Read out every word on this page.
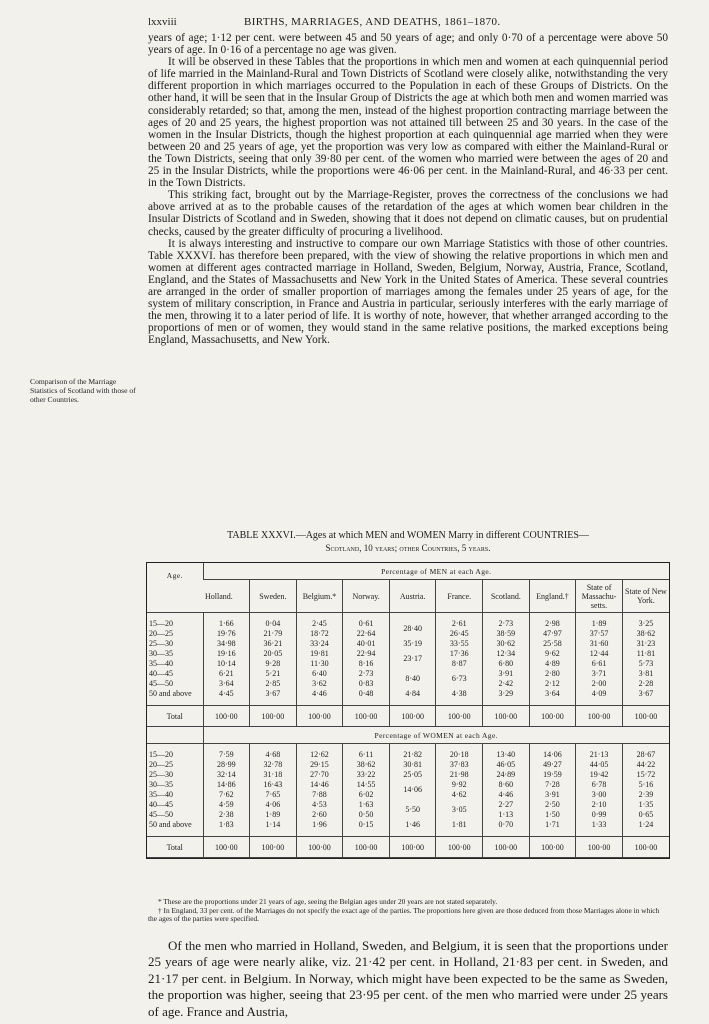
lxxviii	BIRTHS, MARRIAGES, AND DEATHS, 1861–1870.

years of age; 1·12 per cent. were between 45 and 50 years of age; and only 0·70 of a percentage were above 50 years of age. In 0·16 of a percentage no age was given.

It will be observed in these Tables that the proportions in which men and women at each quinquennial period of life married in the Mainland-Rural and Town Districts of Scotland were closely alike, notwithstanding the very different proportion in which marriages occurred to the Population in each of these Groups of Districts. On the other hand, it will be seen that in the Insular Group of Districts the age at which both men and women married was considerably retarded; so that, among the men, instead of the highest proportion contracting marriage between the ages of 20 and 25 years, the highest proportion was not attained till between 25 and 30 years. In the case of the women in the Insular Districts, though the highest proportion at each quinquennial age married when they were between 20 and 25 years of age, yet the proportion was very low as compared with either the Mainland-Rural or the Town Districts, seeing that only 39·80 per cent. of the women who married were between the ages of 20 and 25 in the Insular Districts, while the proportions were 46·06 per cent. in the Mainland-Rural, and 46·33 per cent. in the Town Districts.

This striking fact, brought out by the Marriage-Register, proves the correctness of the conclusions we had above arrived at as to the probable causes of the retardation of the ages at which women bear children in the Insular Districts of Scotland and in Sweden, showing that it does not depend on climatic causes, but on prudential checks, caused by the greater difficulty of procuring a livelihood.

It is always interesting and instructive to compare our own Marriage Statistics with those of other countries. Table XXXVI. has therefore been prepared, with the view of showing the relative proportions in which men and women at different ages contracted marriage in Holland, Sweden, Belgium, Norway, Austria, France, Scotland, England, and the States of Massachusetts and New York in the United States of America. These several countries are arranged in the order of smaller proportion of marriages among the females under 25 years of age, for the system of military conscription, in France and Austria in particular, seriously interferes with the early marriage of the men, throwing it to a later period of life. It is worthy of note, however, that whether arranged according to the proportions of men or of women, they would stand in the same relative positions, the marked exceptions being England, Massachusetts, and New York.

Comparison of the Marriage Statistics of Scotland with those of other Countries.
TABLE XXXVI.—Ages at which MEN and WOMEN Marry in different COUNTRIES—
Scotland, 10 years; other Countries, 5 years.
Age.	Percentage of MEN at each Age.									
	Holland.	Sweden.	Belgium.*	Norway.	Austria.	France.	Scotland.	England.†	State of Massachu-setts.	State of New York.

15—20	1·66	0·04	2·45	0·61	28·40	2·61	2·73	2·98	1·89	3·25
20—25	19·76	21·79	18·72	22·64		26·45	38·59	47·97	37·57	38·62
25—30	34·98	36·21	33·24	40·01	35·19	33·55	30·62	25·58	31·60	31·23
30—35	19·16	20·05	19·81	22·94	23·17	17·36	12·34	9·62	12·44	11·81
35—40	10·14	9·28	11·30	8·16		8·87	6·80	4·89	6·61	5·73
40—45	6·21	5·21	6·40	2·73	8·40	6·73	3·91	2·80	3·71	3·81
45—50	3·64	2·85	3·62	0·83			2·42	2·12	2·00	2·28
50 and above	4·45	3·67	4·46	0·48	4·84	4·38	3·29	3·64	4·09	3·67

Total	100·00	100·00	100·00	100·00	100·00	100·00	100·00	100·00	100·00	100·00
	Percentage of WOMEN at each Age.									

15—20	7·59	4·68	12·62	6·11	21·82	20·18	13·40	14·06	21·13	28·67
20—25	28·99	32·78	29·15	38·62	30·81	37·83	46·05	49·27	44·05	44·22
25—30	32·14	31·18	27·70	33·22	25·05	21·98	24·89	19·59	19·42	15·72
30—35	14·86	16·43	14·46	14·55	14·06	9·92	8·60	7·28	6·78	5·16
35—40	7·62	7·65	7·88	6·02		4·62	4·46	3·91	3·00	2·39
40—45	4·59	4·06	4·53	1·63	5·50	3·05	2·27	2·50	2·10	1·35
45—50	2·38	1·89	2·60	0·50			1·13	1·50	0·99	0·65
50 and above	1·83	1·14	1·96	0·15	1·46	1·81	0·70	1·71	1·33	1·24

Total	100·00	100·00	100·00	100·00	100·00	100·00	100·00	100·00	100·00	100·00

* These are the proportions under 21 years of age, seeing the Belgian ages under 20 years are not stated separately.

† In England, 33 per cent. of the Marriages do not specify the exact age of the parties. The proportions here given are those deduced from those Marriages alone in which the ages of the parties were specified.

Of the men who married in Holland, Sweden, and Belgium, it is seen that the proportions under 25 years of age were nearly alike, viz. 21·42 per cent. in Holland, 21·83 per cent. in Sweden, and 21·17 per cent. in Belgium. In Norway, which might have been expected to be the same as Sweden, the proportion was higher, seeing that 23·95 per cent. of the men who married were under 25 years of age. France and Austria,
